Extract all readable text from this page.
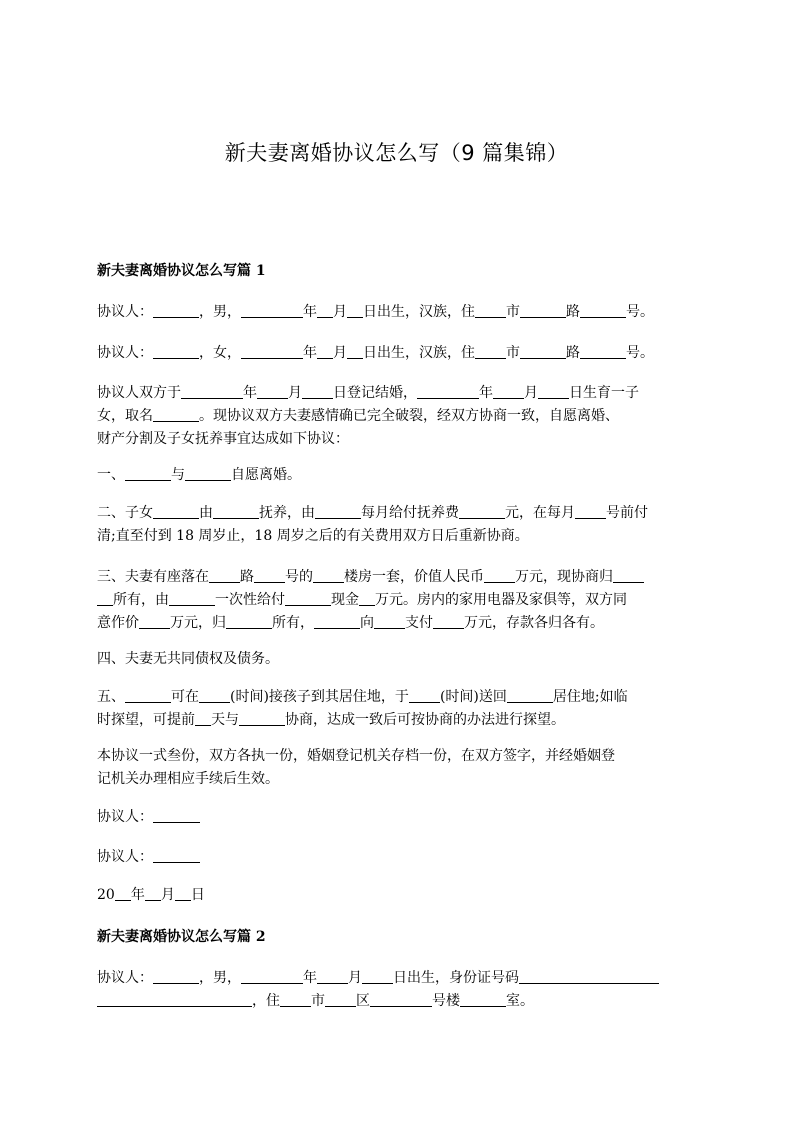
新夫妻离婚协议怎么写（9 篇集锦）
新夫妻离婚协议怎么写篇 1
协议人：	，男，	年 月 日出生，汉族，住 市	路	号。
协议人：	，女，	年 月 日出生，汉族，住 市	路	号。
协议人双方于	年 月 日登记结婚，	年 月 日生育一子
女，取名	。现协议双方夫妻感情确已完全破裂，经双方协商一致，自愿离婚、
财产分割及子女抚养事宜达成如下协议：
一、	与	自愿离婚。
二、子女	由	抚养，由	每月给付抚养费	元，在每月 号前付
清;直至付到 18 周岁止，18 周岁之后的有关费用双方日后重新协商。
三、夫妻有座落在 路 号的 楼房一套，价值人民币 万元，现协商归
所有，由	一次性给付	现金 万元。房内的家用电器及家俱等，双方同
意作价 万元，归	所有，	向 支付 万元，存款各归各有。
四、夫妻无共同债权及债务。
五、	可在 (时间)接孩子到其居住地，于 (时间)送回	居住地;如临
时探望，可提前 天与	协商，达成一致后可按协商的办法进行探望。
本协议一式叁份，双方各执一份，婚姻登记机关存档一份，在双方签字，并经婚姻登
记机关办理相应手续后生效。
协议人：
协议人：
20 年 月 日
新夫妻离婚协议怎么写篇 2
协议人：	，男，	年 月 日出生，身份证号码
，住 市 区	号楼	室。
